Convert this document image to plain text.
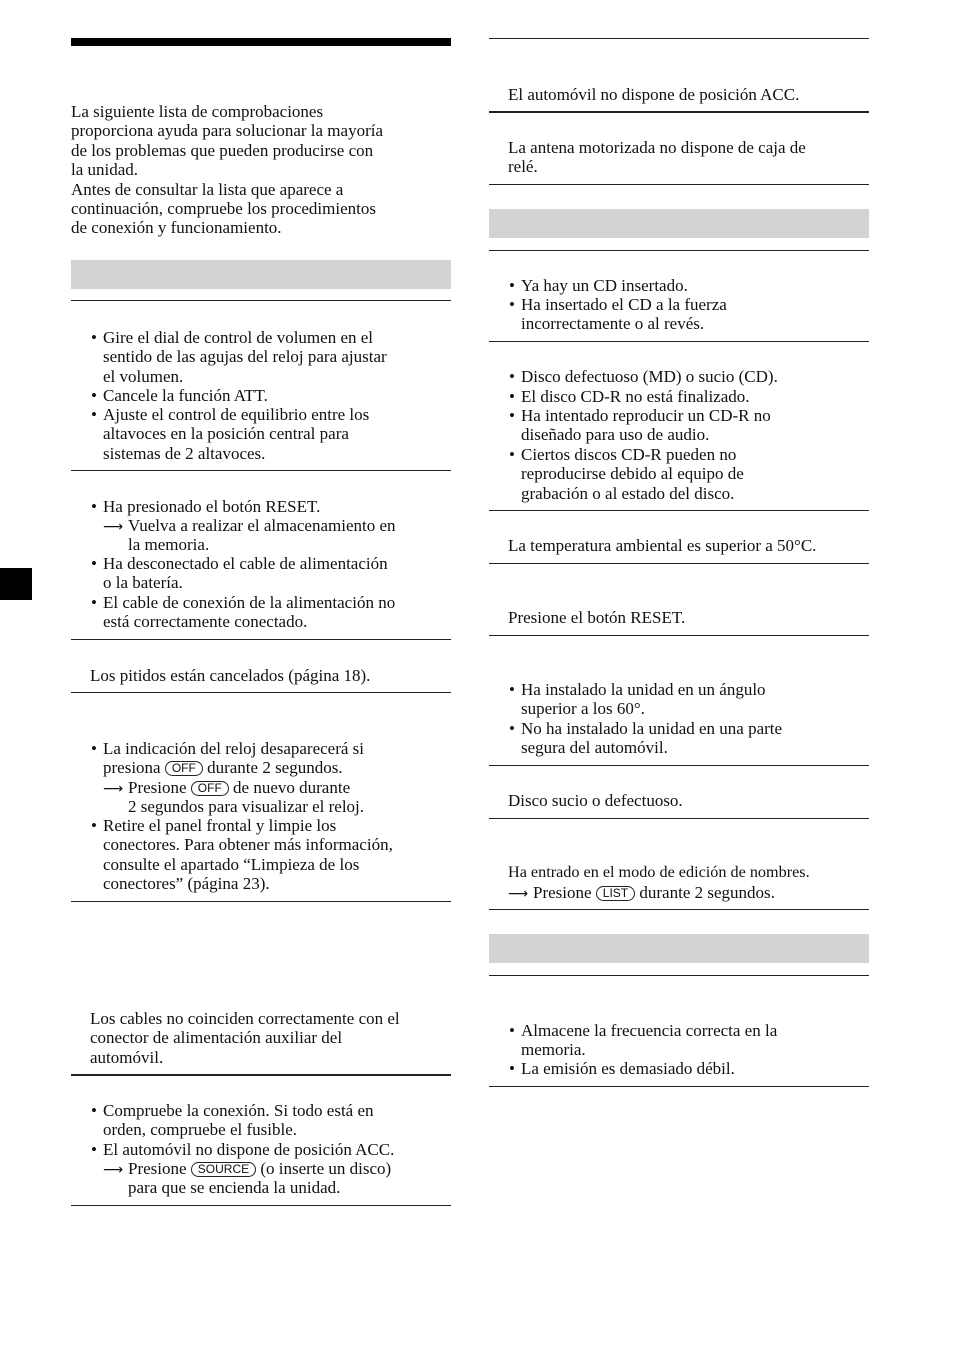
La siguiente lista de comprobaciones
proporciona ayuda para solucionar la mayoría
de los problemas que pueden producirse con
la unidad.
Antes de consultar la lista que aparece a
continuación, compruebe los procedimientos
de conexión y funcionamiento.
• Gire el dial de control de volumen en el
sentido de las agujas del reloj para ajustar
el volumen.
• Cancele la función ATT.
• Ajuste el control de equilibrio entre los
altavoces en la posición central para
sistemas de 2 altavoces.
• Ha presionado el botón RESET.
⟶ Vuelva a realizar el almacenamiento en
la memoria.
• Ha desconectado el cable de alimentación
o la batería.
• El cable de conexión de la alimentación no
está correctamente conectado.
Los pitidos están cancelados (página 18).
• La indicación del reloj desaparecerá si
presiona OFF durante 2 segundos.
⟶ Presione OFF de nuevo durante
2 segundos para visualizar el reloj.
• Retire el panel frontal y limpie los
conectores. Para obtener más información,
consulte el apartado “Limpieza de los
conectores” (página 23).
Los cables no coinciden correctamente con el
conector de alimentación auxiliar del
automóvil.
• Compruebe la conexión. Si todo está en
orden, compruebe el fusible.
• El automóvil no dispone de posición ACC.
⟶ Presione SOURCE (o inserte un disco)
para que se encienda la unidad.
El automóvil no dispone de posición ACC.
La antena motorizada no dispone de caja de
relé.
• Ya hay un CD insertado.
• Ha insertado el CD a la fuerza
incorrectamente o al revés.
• Disco defectuoso (MD) o sucio (CD).
• El disco CD-R no está finalizado.
• Ha intentado reproducir un CD-R no
diseñado para uso de audio.
• Ciertos discos CD-R pueden no
reproducirse debido al equipo de
grabación o al estado del disco.
La temperatura ambiental es superior a 50°C.
Presione el botón RESET.
• Ha instalado la unidad en un ángulo
superior a los 60°.
• No ha instalado la unidad en una parte
segura del automóvil.
Disco sucio o defectuoso.
Ha entrado en el modo de edición de nombres.
⟶ Presione LIST durante 2 segundos.
• Almacene la frecuencia correcta en la
memoria.
• La emisión es demasiado débil.
